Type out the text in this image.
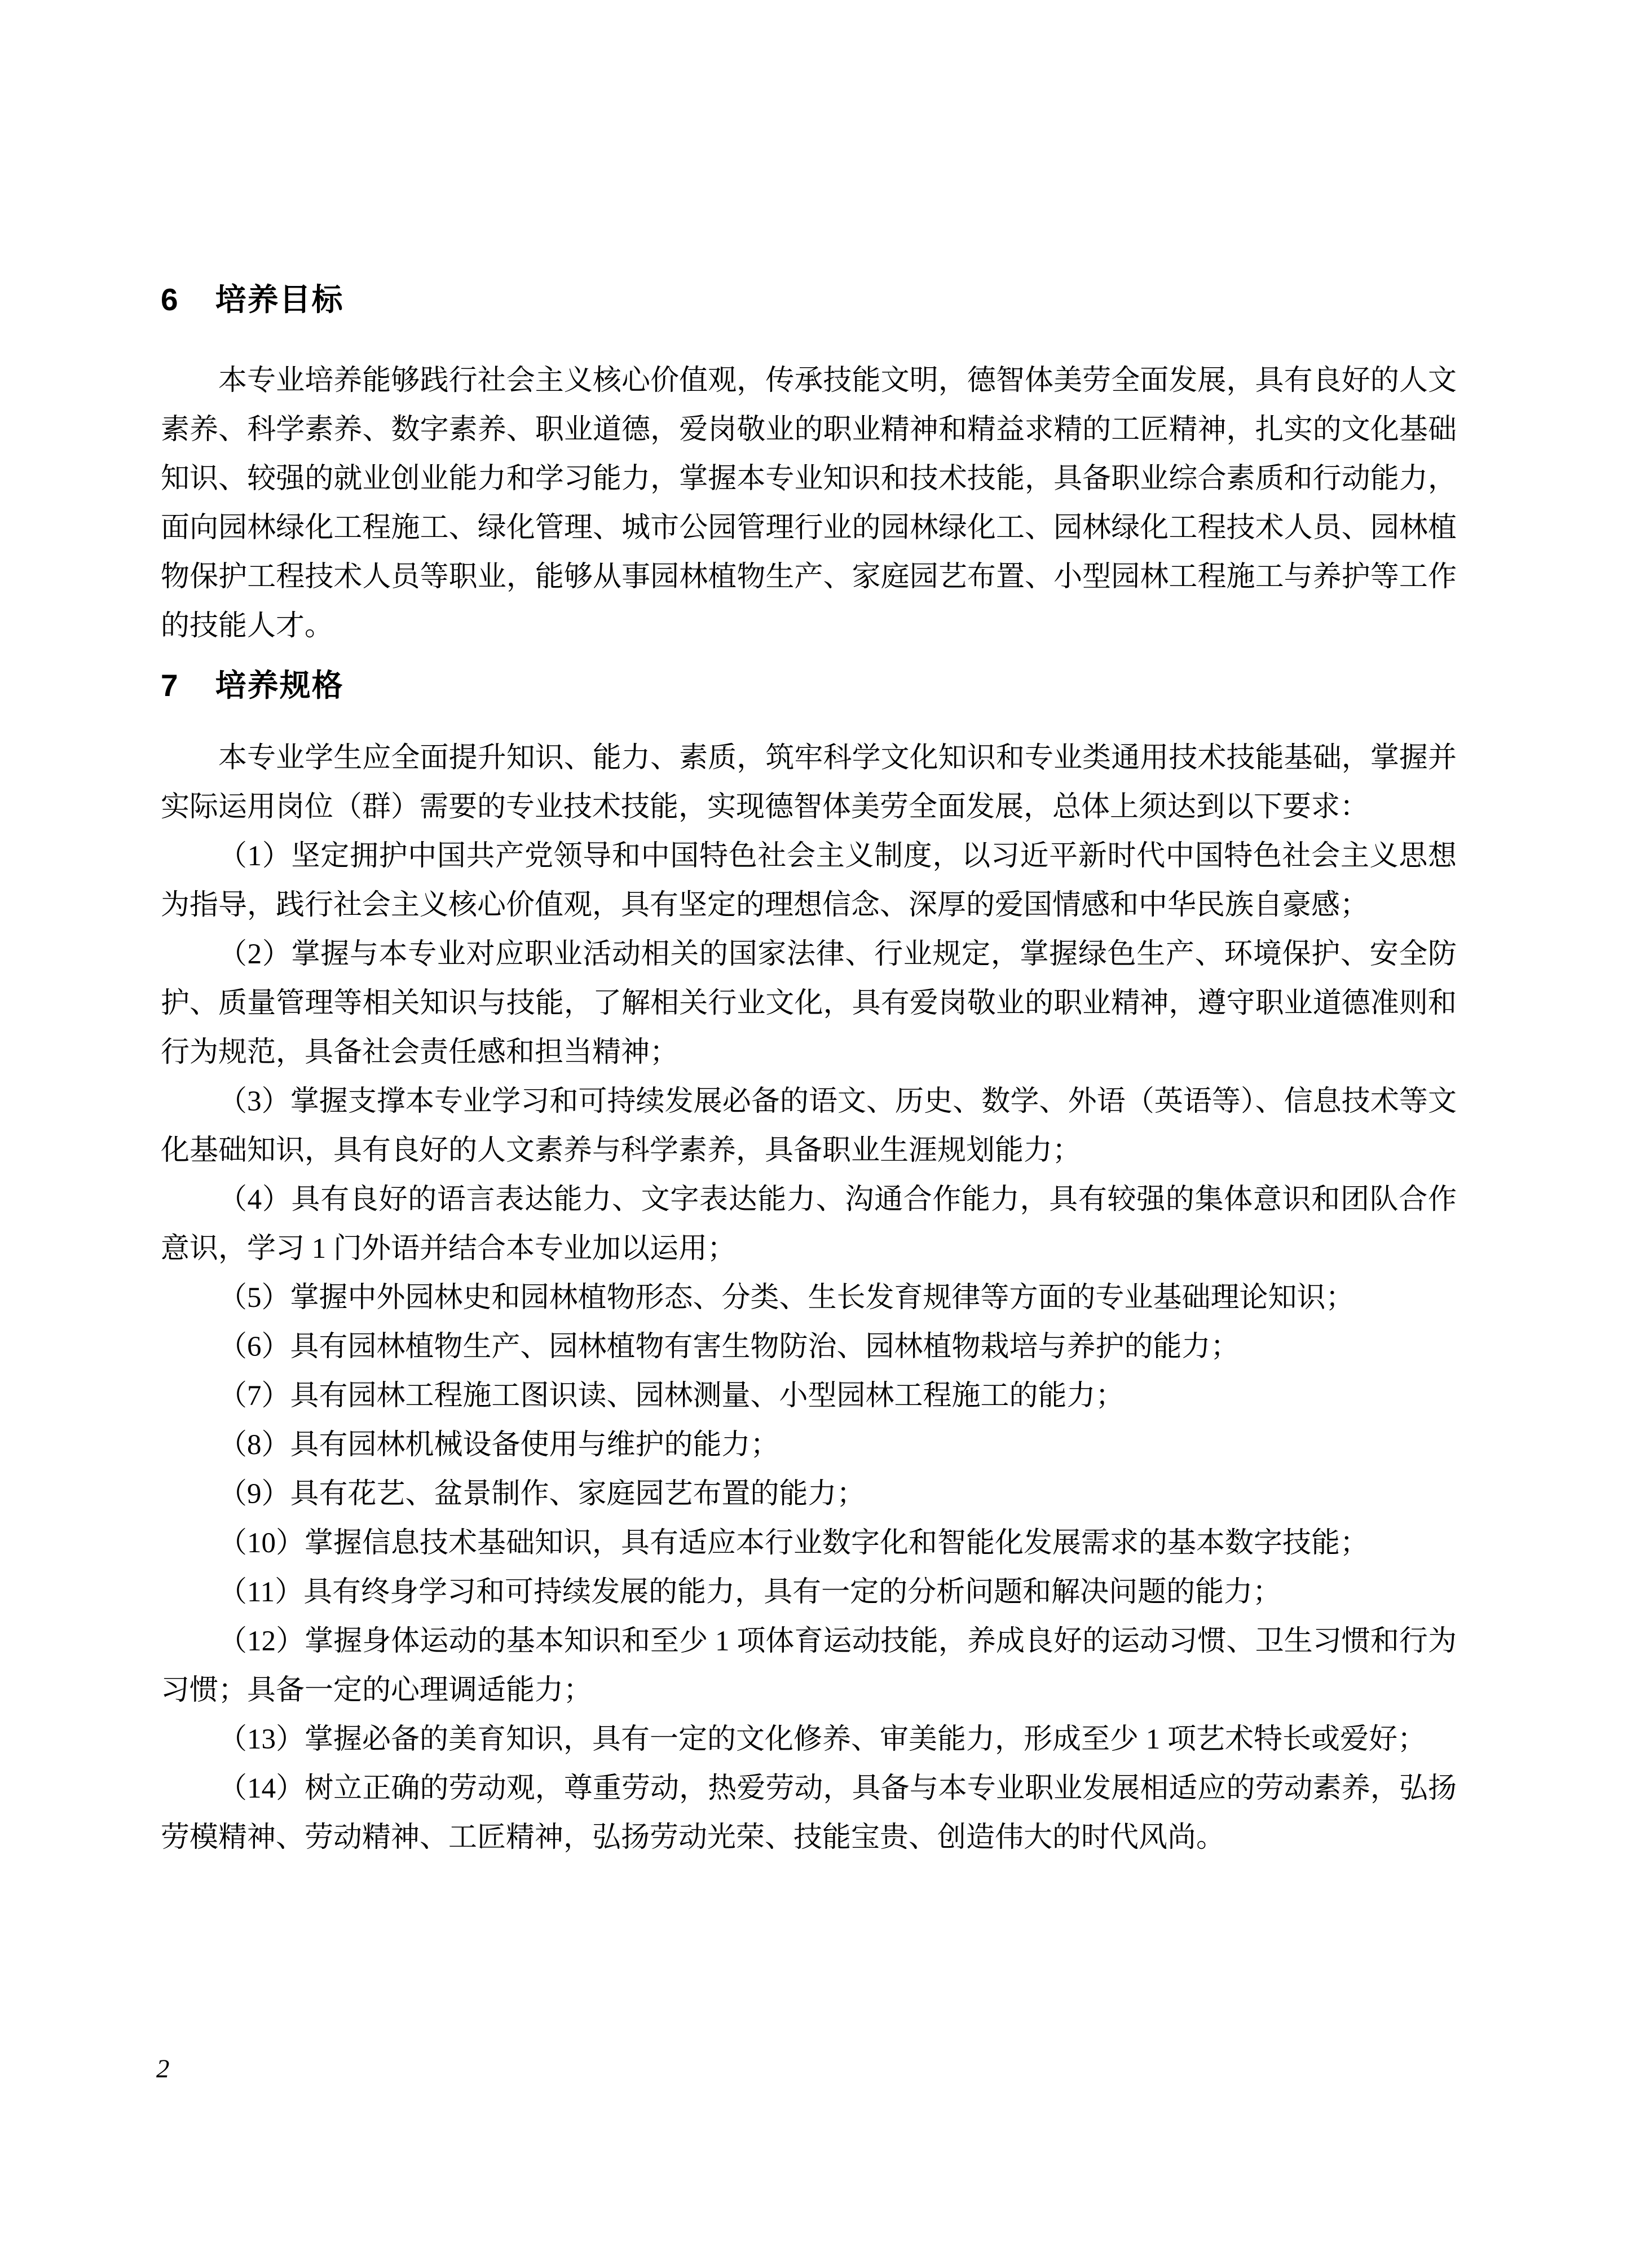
6 培养目标

本专业培养能够践行社会主义核心价值观，传承技能文明，德智体美劳全面发展，具有良好的人文素养、科学素养、数字素养、职业道德，爱岗敬业的职业精神和精益求精的工匠精神，扎实的文化基础知识、较强的就业创业能力和学习能力，掌握本专业知识和技术技能，具备职业综合素质和行动能力，面向园林绿化工程施工、绿化管理、城市公园管理行业的园林绿化工、园林绿化工程技术人员、园林植物保护工程技术人员等职业，能够从事园林植物生产、家庭园艺布置、小型园林工程施工与养护等工作的技能人才。

7 培养规格

本专业学生应全面提升知识、能力、素质，筑牢科学文化知识和专业类通用技术技能基础，掌握并实际运用岗位（群）需要的专业技术技能，实现德智体美劳全面发展，总体上须达到以下要求：

（1）坚定拥护中国共产党领导和中国特色社会主义制度，以习近平新时代中国特色社会主义思想为指导，践行社会主义核心价值观，具有坚定的理想信念、深厚的爱国情感和中华民族自豪感；

（2）掌握与本专业对应职业活动相关的国家法律、行业规定，掌握绿色生产、环境保护、安全防护、质量管理等相关知识与技能，了解相关行业文化，具有爱岗敬业的职业精神，遵守职业道德准则和行为规范，具备社会责任感和担当精神；

（3）掌握支撑本专业学习和可持续发展必备的语文、历史、数学、外语（英语等）、信息技术等文化基础知识，具有良好的人文素养与科学素养，具备职业生涯规划能力；

（4）具有良好的语言表达能力、文字表达能力、沟通合作能力，具有较强的集体意识和团队合作意识，学习 1 门外语并结合本专业加以运用；

（5）掌握中外园林史和园林植物形态、分类、生长发育规律等方面的专业基础理论知识；

（6）具有园林植物生产、园林植物有害生物防治、园林植物栽培与养护的能力；

（7）具有园林工程施工图识读、园林测量、小型园林工程施工的能力；

（8）具有园林机械设备使用与维护的能力；

（9）具有花艺、盆景制作、家庭园艺布置的能力；

（10）掌握信息技术基础知识，具有适应本行业数字化和智能化发展需求的基本数字技能；

（11）具有终身学习和可持续发展的能力，具有一定的分析问题和解决问题的能力；

（12）掌握身体运动的基本知识和至少 1 项体育运动技能，养成良好的运动习惯、卫生习惯和行为习惯；具备一定的心理调适能力；

（13）掌握必备的美育知识，具有一定的文化修养、审美能力，形成至少 1 项艺术特长或爱好；

（14）树立正确的劳动观，尊重劳动，热爱劳动，具备与本专业职业发展相适应的劳动素养，弘扬劳模精神、劳动精神、工匠精神，弘扬劳动光荣、技能宝贵、创造伟大的时代风尚。

2
